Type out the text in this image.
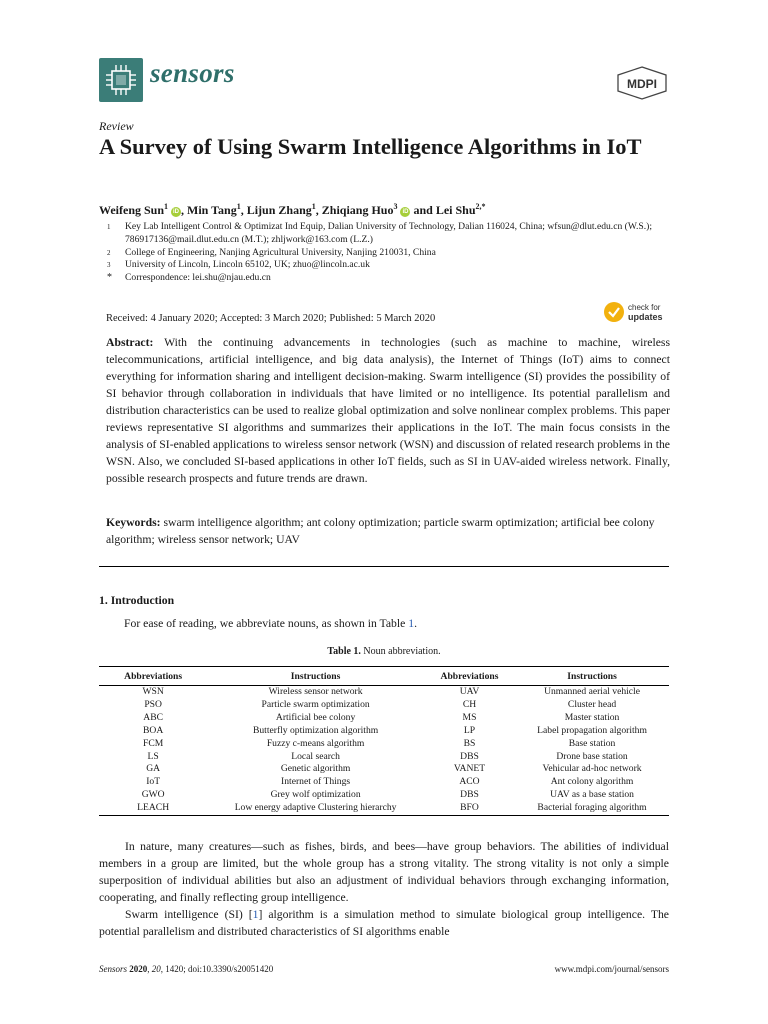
sensors	MDPI
Review
A Survey of Using Swarm Intelligence Algorithms in IoT
Weifeng Sun$^1$ iD , Min Tang$^1$, Lijun Zhang$^1$, Zhiqiang Huo$^3$ iD and Lei Shu$^{2,*}$
1	Key Lab Intelligent Control & Optimizat Ind Equip, Dalian University of Technology, Dalian 116024, China; wfsun@dlut.edu.cn (W.S.); 786917136@mail.dlut.edu.cn (M.T.); zhljwork@163.com (L.Z.)
2	College of Engineering, Nanjing Agricultural University, Nanjing 210031, China
3	University of Lincoln, Lincoln 65102, UK; zhuo@lincoln.ac.uk
*	Correspondence: lei.shu@njau.edu.cn
check for
updates
Received: 4 January 2020; Accepted: 3 March 2020; Published: 5 March 2020
Abstract: With the continuing advancements in technologies (such as machine to machine, wireless telecommunications, artificial intelligence, and big data analysis), the Internet of Things (IoT) aims to connect everything for information sharing and intelligent decision-making. Swarm intelligence (SI) provides the possibility of SI behavior through collaboration in individuals that have limited or no intelligence. Its potential parallelism and distribution characteristics can be used to realize global optimization and solve nonlinear complex problems. This paper reviews representative SI algorithms and summarizes their applications in the IoT. The main focus consists in the analysis of SI-enabled applications to wireless sensor network (WSN) and discussion of related research problems in the WSN. Also, we concluded SI-based applications in other IoT fields, such as SI in UAV-aided wireless network. Finally, possible research prospects and future trends are drawn.
Keywords: swarm intelligence algorithm; ant colony optimization; particle swarm optimization; artificial bee colony algorithm; wireless sensor network; UAV
1. Introduction
For ease of reading, we abbreviate nouns, as shown in Table 1.
Table 1. Noun abbreviation.
Abbreviations	Instructions	Abbreviations	Instructions
WSN	Wireless sensor network	UAV	Unmanned aerial vehicle
PSO	Particle swarm optimization	CH	Cluster head
ABC	Artificial bee colony	MS	Master station
BOA	Butterfly optimization algorithm	LP	Label propagation algorithm
FCM	Fuzzy c-means algorithm	BS	Base station
LS	Local search	DBS	Drone base station
GA	Genetic algorithm	VANET	Vehicular ad-hoc network
IoT	Internet of Things	ACO	Ant colony algorithm
GWO	Grey wolf optimization	DBS	UAV as a base station
LEACH	Low energy adaptive Clustering hierarchy	BFO	Bacterial foraging algorithm

In nature, many creatures—such as fishes, birds, and bees—have group behaviors. The abilities of individual members in a group are limited, but the whole group has a strong vitality. The strong vitality is not only a simple superposition of individual abilities but also an adjustment of individual behaviors through exchanging information, cooperating, and finally reflecting group intelligence.

Swarm intelligence (SI) [1] algorithm is a simulation method to simulate biological group intelligence. The potential parallelism and distributed characteristics of SI algorithms enable

Sensors 2020, 20, 1420; doi:10.3390/s20051420	www.mdpi.com/journal/sensors
